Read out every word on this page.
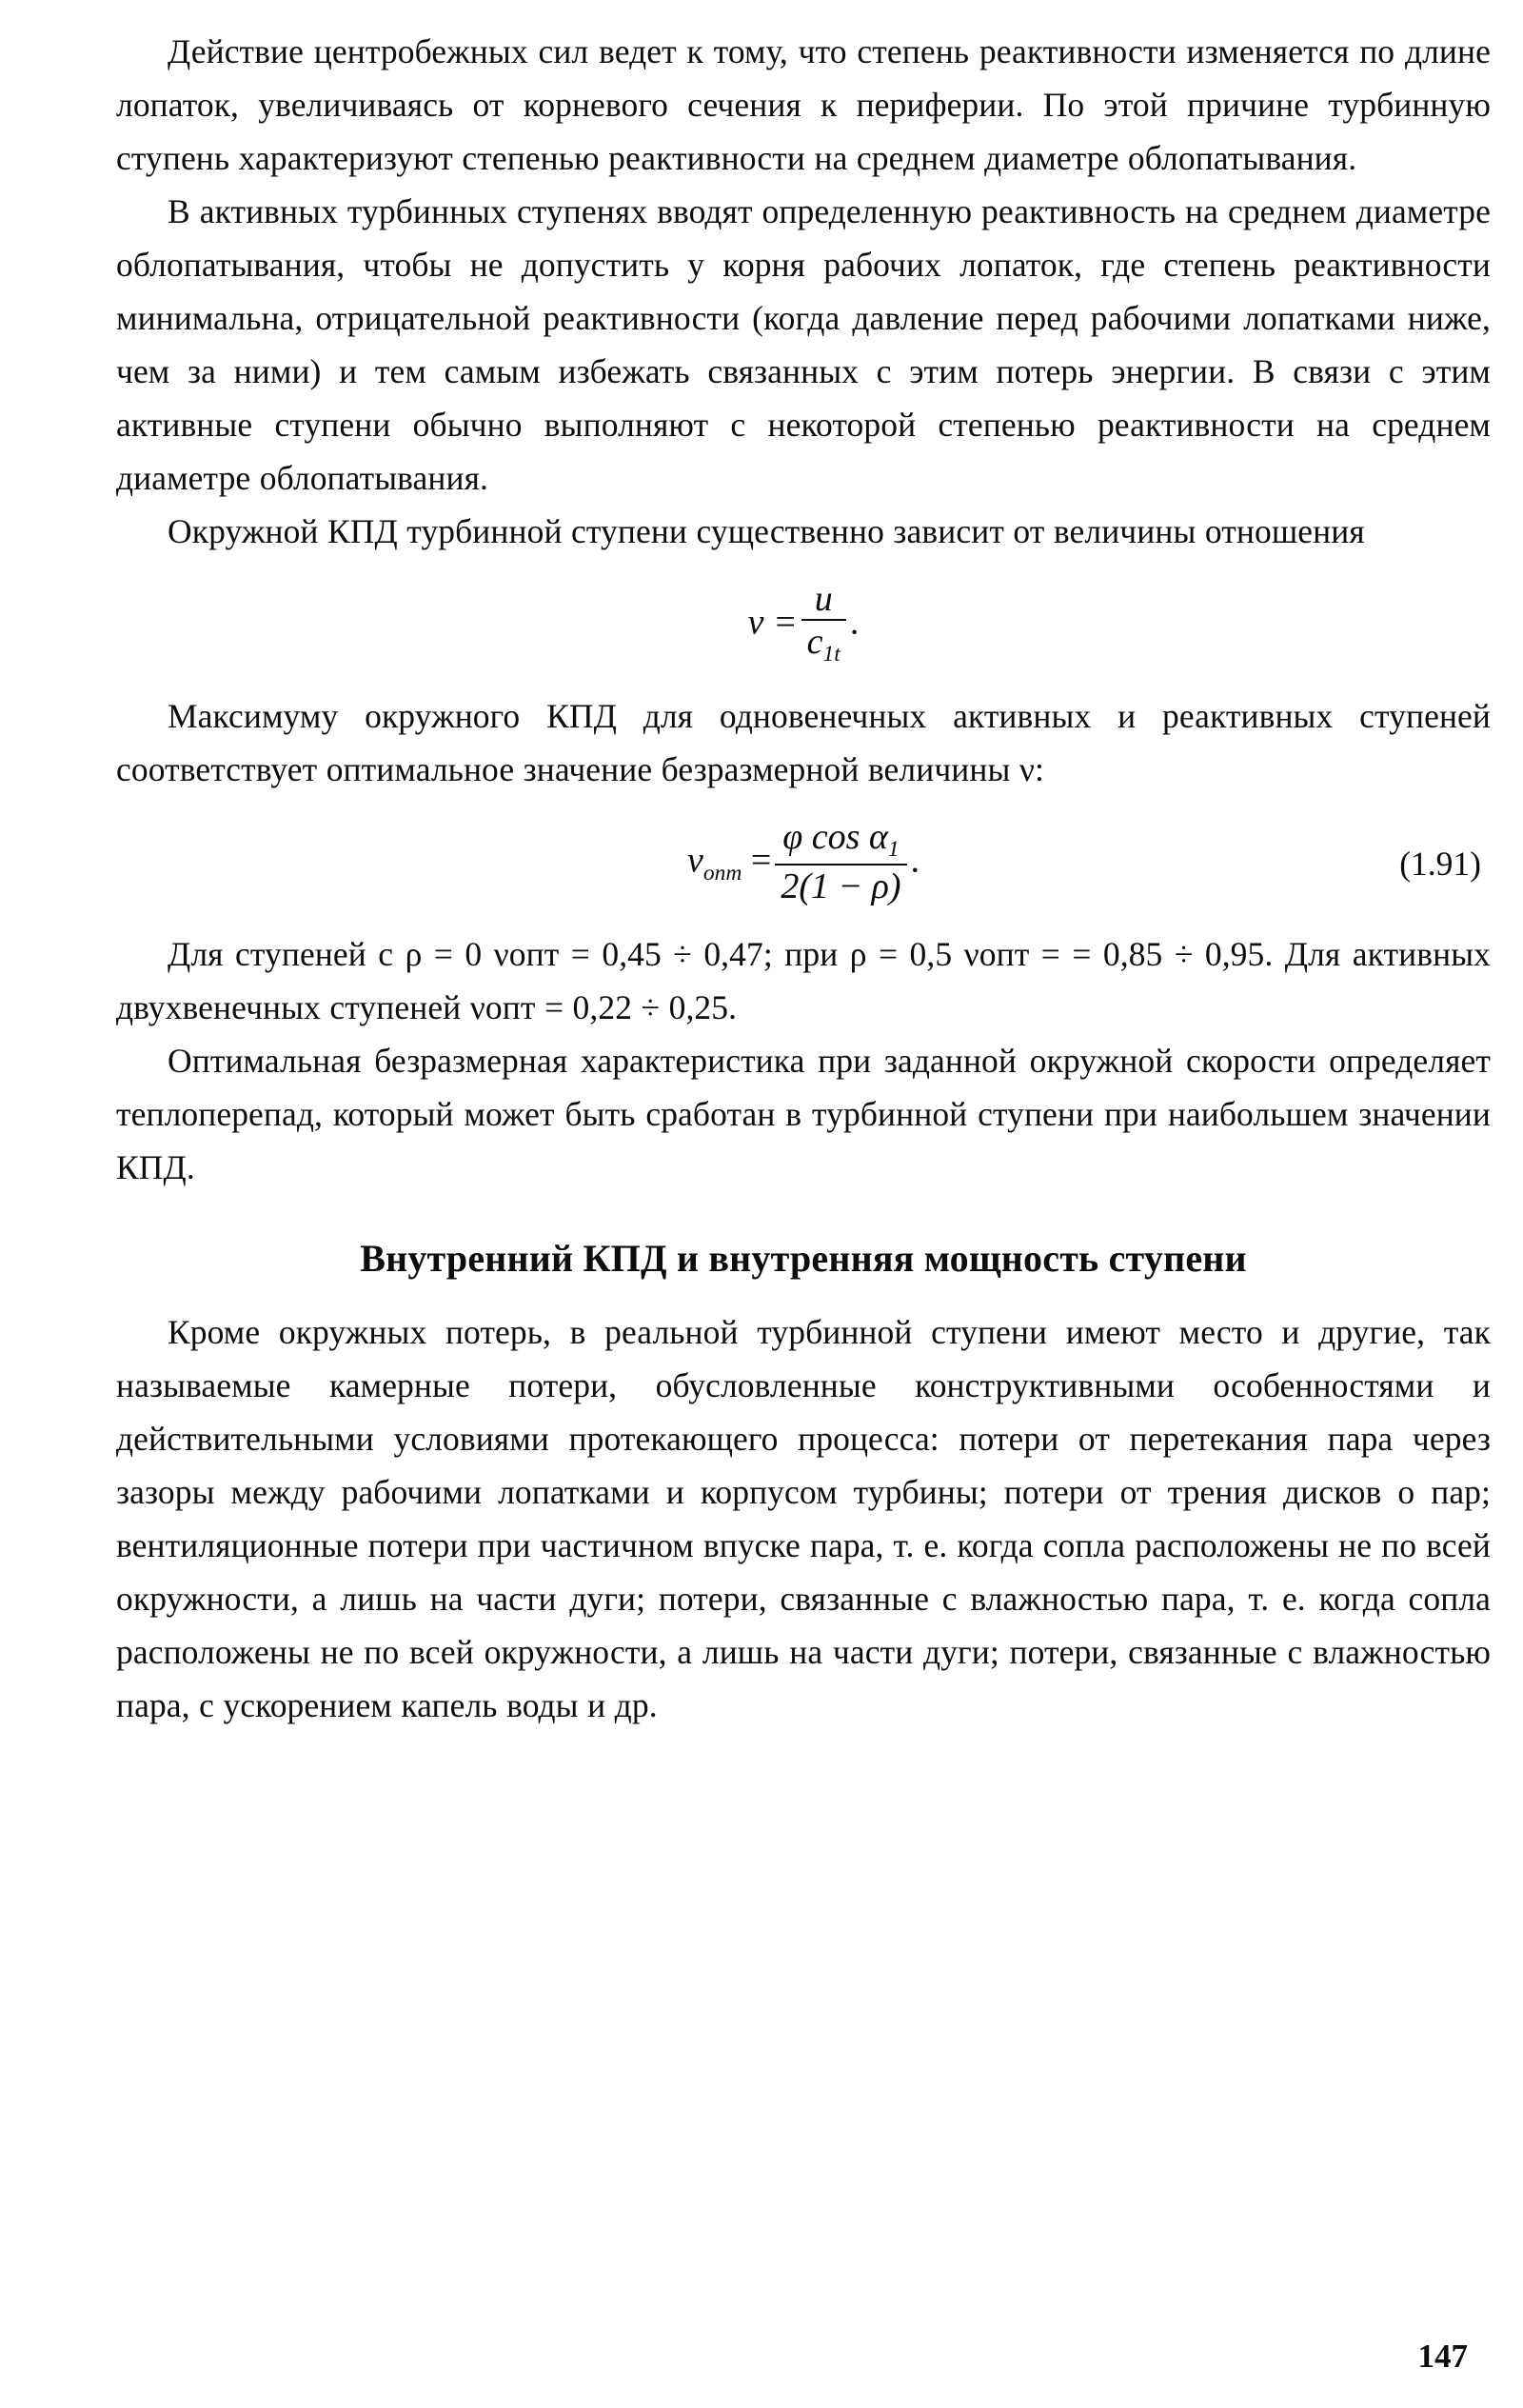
Действие центробежных сил ведет к тому, что степень реактивности изменяется по длине лопаток, увеличиваясь от корневого сечения к периферии. По этой причине турбинную ступень характеризуют степенью реактивности на среднем диаметре облопатывания.

В активных турбинных ступенях вводят определенную реактивность на среднем диаметре облопатывания, чтобы не допустить у корня рабочих лопаток, где степень реактивности минимальна, отрицательной реактивности (когда давление перед рабочими лопатками ниже, чем за ними) и тем самым избежать связанных с этим потерь энергии. В связи с этим активные ступени обычно выполняют с некоторой степенью реактивности на среднем диаметре облопатывания.

Окружной КПД турбинной ступени существенно зависит от величины отношения

$\nu = \frac{u}{c_{1t}}$ .

Максимуму окружного КПД для одновенечных активных и реактивных ступеней соответствует оптимальное значение безразмерной величины ν:

$\nu_{опт} = \frac{\varphi \cos \alpha_1}{2(1 - \rho)}$ .	(1.91)

Для ступеней с ρ = 0 νопт = 0,45 ÷ 0,47; при ρ = 0,5 νопт = = 0,85 ÷ 0,95. Для активных двухвенечных ступеней νопт = 0,22 ÷ 0,25.

Оптимальная безразмерная характеристика при заданной окружной скорости определяет теплоперепад, который может быть сработан в турбинной ступени при наибольшем значении КПД.

Внутренний КПД и внутренняя мощность ступени

Кроме окружных потерь, в реальной турбинной ступени имеют место и другие, так называемые камерные потери, обусловленные конструктивными особенностями и действительными условиями протекающего процесса: потери от перетекания пара через зазоры между рабочими лопатками и корпусом турбины; потери от трения дисков о пар; вентиляционные потери при частичном впуске пара, т. е. когда сопла расположены не по всей окружности, а лишь на части дуги; потери, связанные с влажностью пара, т. е. когда сопла расположены не по всей окружности, а лишь на части дуги; потери, связанные с влажностью пара, с ускорением капель воды и др.

147
